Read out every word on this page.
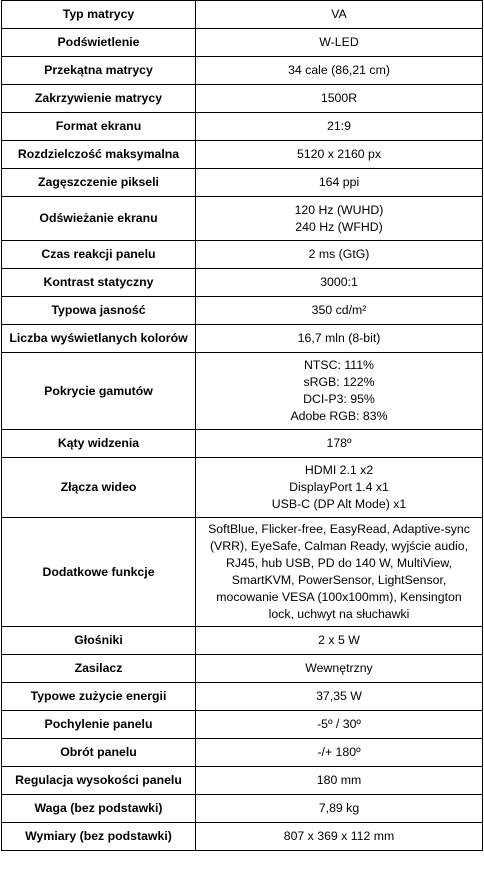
Typ matrycy	VA

Podświetlenie	W-LED

Przekątna matrycy	34 cale (86,21 cm)

Zakrzywienie matrycy	1500R

Format ekranu	21:9

Rozdzielczość maksymalna	5120 x 2160 px

Zagęszczenie pikseli	164 ppi

Odświeżanie ekranu	120 Hz (WUHD)
240 Hz (WFHD)

Czas reakcji panelu	2 ms (GtG)

Kontrast statyczny	3000:1

Typowa jasność	350 cd/m²

Liczba wyświetlanych kolorów	16,7 mln (8-bit)

Pokrycie gamutów	NTSC: 111%
sRGB: 122%
DCI-P3: 95%
Adobe RGB: 83%

Kąty widzenia	178º

Złącza wideo	HDMI 2.1 x2
DisplayPort 1.4 x1
USB-C (DP Alt Mode) x1

Dodatkowe funkcje	SoftBlue, Flicker-free, EasyRead, Adaptive-sync (VRR), EyeSafe, Calman Ready, wyjście audio, RJ45, hub USB, PD do 140 W, MultiView, SmartKVM, PowerSensor, LightSensor, mocowanie VESA (100x100mm), Kensington lock, uchwyt na słuchawki
Głośniki	2 x 5 W

Zasilacz	Wewnętrzny

Typowe zużycie energii	37,35 W

Pochylenie panelu	-5º / 30º

Obrót panelu	-/+ 180º

Regulacja wysokości panelu	180 mm

Waga (bez podstawki)	7,89 kg

Wymiary (bez podstawki)	807 x 369 x 112 mm
